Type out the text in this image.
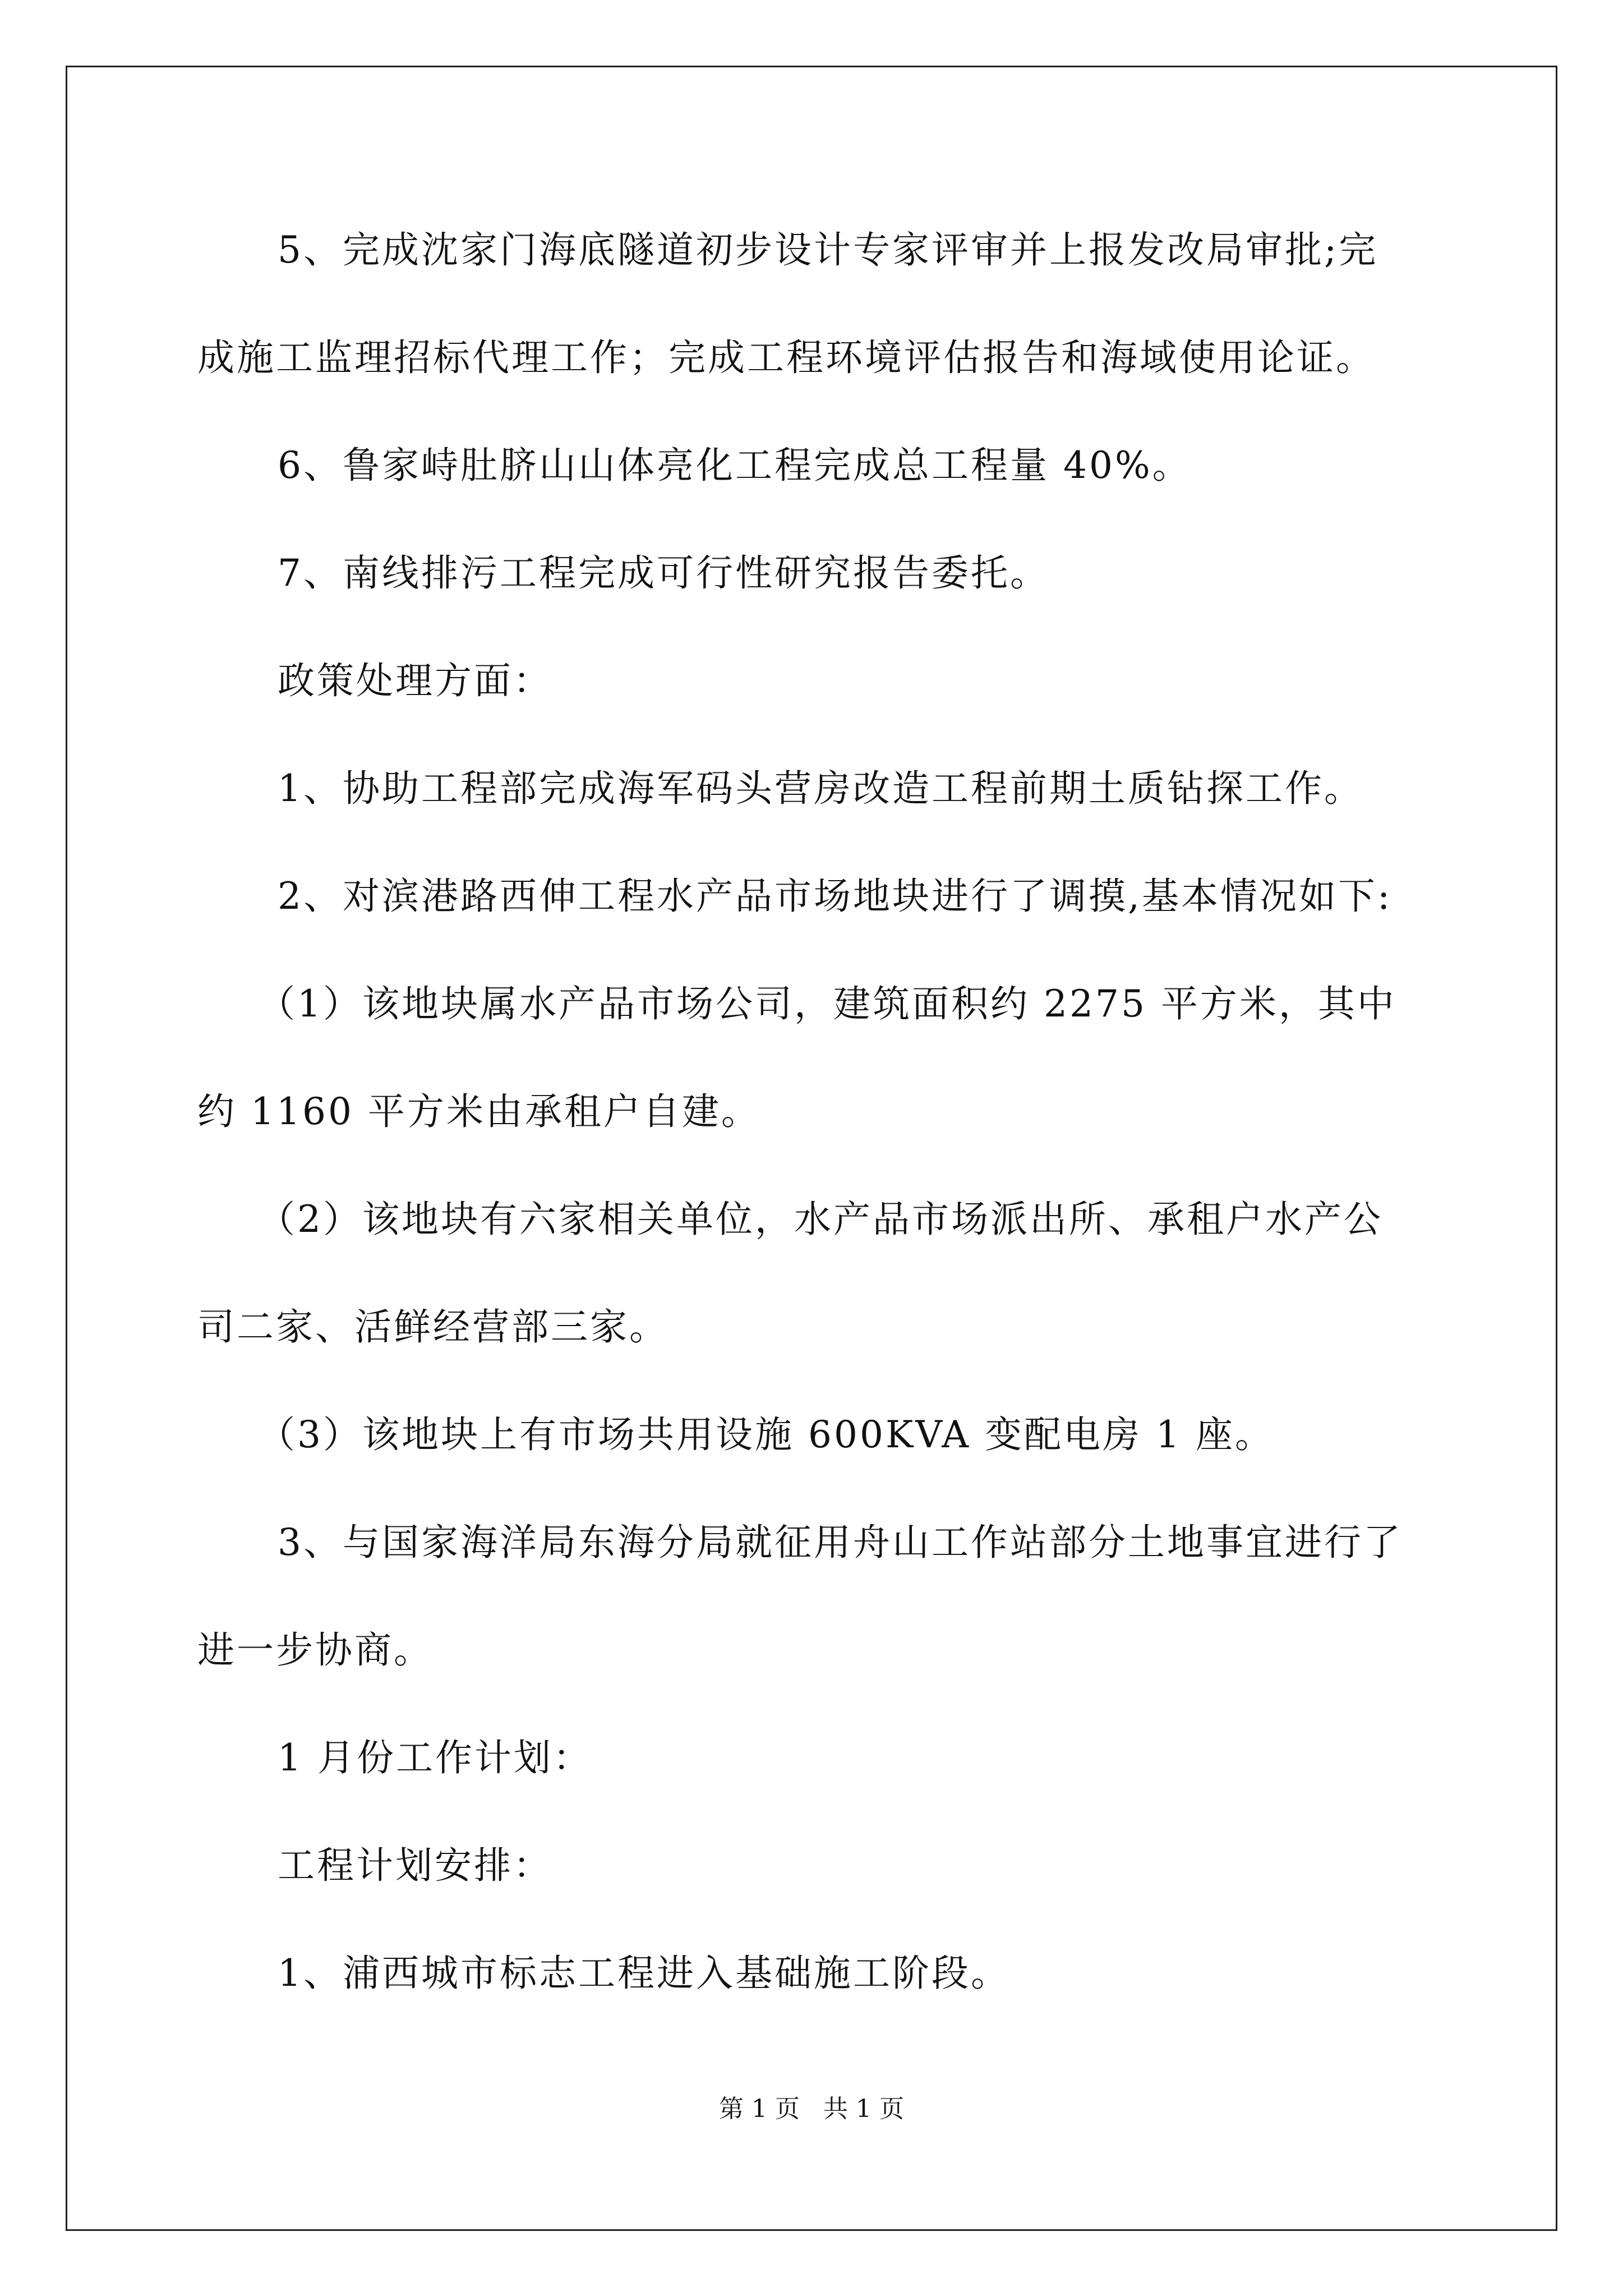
5、完成沈家门海底隧道初步设计专家评审并上报发改局审批;完

成施工监理招标代理工作；完成工程环境评估报告和海域使用论证。

6、鲁家峙肚脐山山体亮化工程完成总工程量 40%。

7、南线排污工程完成可行性研究报告委托。

政策处理方面：

1、协助工程部完成海军码头营房改造工程前期土质钻探工作。

2、对滨港路西伸工程水产品市场地块进行了调摸,基本情况如下:

（1）该地块属水产品市场公司，建筑面积约 2275 平方米，其中

约 1160 平方米由承租户自建。

（2）该地块有六家相关单位，水产品市场派出所、承租户水产公

司二家、活鲜经营部三家。

（3）该地块上有市场共用设施 600KVA 变配电房 1 座。

3、与国家海洋局东海分局就征用舟山工作站部分土地事宜进行了

进一步协商。

1 月份工作计划：

工程计划安排：

1、浦西城市标志工程进入基础施工阶段。

第 1 页   共 1 页
